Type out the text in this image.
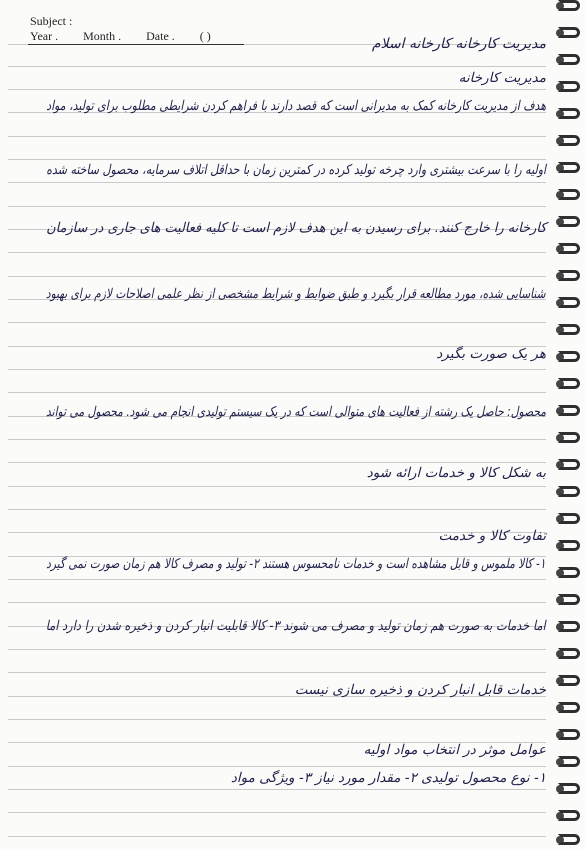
Subject :
Year . Month . Date . ( )	مدیریت کارخانه کارخانه اسلام
مدیریت کارخانه
هدف از مدیریت کارخانه کمک به مدیرانی است که قصد دارند با فراهم کردن شرایطی مطلوب برای تولید، مواد
اولیه را با سرعت بیشتری وارد چرخه تولید کرده در کمترین زمان با حداقل اتلاف سرمایه، محصول ساخته شده
کارخانه را خارج کنند. برای رسیدن به این هدف لازم است تا کلیه فعالیت های جاری در سازمان
شناسایی شده، مورد مطالعه قرار بگیرد و طبق ضوابط و شرایط مشخصی از نظر علمی اصلاحات لازم برای بهبود
هر یک صورت بگیرد
محصول: حاصل یک رشته از فعالیت های متوالی است که در یک سیستم تولیدی انجام می شود. محصول می تواند
به شکل کالا و خدمات ارائه شود
تفاوت کالا و خدمت
۱- کالا ملموس و قابل مشاهده است و خدمات نامحسوس هستند ۲- تولید و مصرف کالا هم زمان صورت نمی گیرد
اما خدمات به صورت هم زمان تولید و مصرف می شوند ۳- کالا قابلیت انبار کردن و ذخیره شدن را دارد اما
خدمات قابل انبار کردن و ذخیره سازی نیست
عوامل موثر در انتخاب مواد اولیه
۱- نوع محصول تولیدی ۲- مقدار مورد نیاز ۳- ویژگی مواد
